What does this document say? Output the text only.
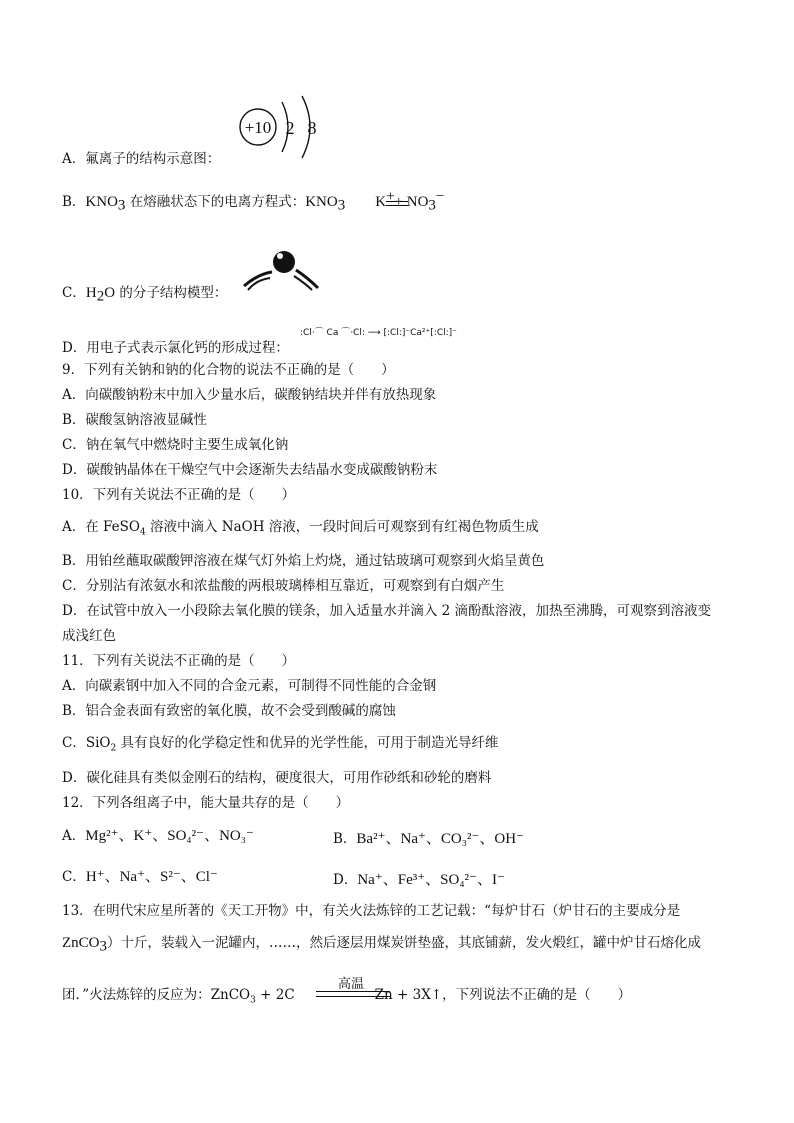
+10 2 8
A．氟离子的结构示意图：
B．$KNO_3$ 在熔融状态下的电离方程式：$KNO_3$ $K^++ NO_3^-$
C．$H_2O$ 的分子结构模型：
:Cl·⌒ Ca ⌒·Cl: ⟶ [:Cl:]⁻Ca²⁺[:Cl:]⁻
D．用电子式表示氯化钙的形成过程：
9．下列有关钠和钠的化合物的说法不正确的是（　　）
A．向碳酸钠粉末中加入少量水后，碳酸钠结块并伴有放热现象
B．碳酸氢钠溶液显碱性
C．钠在氧气中燃烧时主要生成氧化钠
D．碳酸钠晶体在干燥空气中会逐渐失去结晶水变成碳酸钠粉末
10．下列有关说法不正确的是（　　）
A．在 FeSO$_4$ 溶液中滴入 NaOH 溶液，一段时间后可观察到有红褐色物质生成
B．用铂丝蘸取碳酸钾溶液在煤气灯外焰上灼烧，通过钴玻璃可观察到火焰呈黄色
C．分别沾有浓氨水和浓盐酸的两根玻璃棒相互靠近，可观察到有白烟产生
D．在试管中放入一小段除去氧化膜的镁条，加入适量水并滴入 2 滴酚酞溶液，加热至沸腾，可观察到溶液变
成浅红色
11．下列有关说法不正确的是（　　）
A．向碳素钢中加入不同的合金元素，可制得不同性能的合金钢
B．铝合金表面有致密的氧化膜，故不会受到酸碱的腐蚀
C．SiO$_2$ 具有良好的化学稳定性和优异的光学性能，可用于制造光导纤维
D．碳化硅具有类似金刚石的结构，硬度很大，可用作砂纸和砂轮的磨料
12．下列各组离子中，能大量共存的是（　　）
A．Mg²⁺、K⁺、SO₄²⁻、NO₃⁻	B．Ba²⁺、Na⁺、CO₃²⁻、OH⁻
C．H⁺、Na⁺、S²⁻、Cl⁻	D．Na⁺、Fe³⁺、SO₄²⁻、I⁻
13．在明代宋应星所著的《天工开物》中，有关火法炼锌的工艺记载：“每炉甘石（炉甘石的主要成分是
ZnCO$_3$）十斤，装载入一泥罐内，……，然后逐层用煤炭饼垫盛，其底铺薪，发火煅红，罐中炉甘石熔化成
高温
团．”火法炼锌的反应为：ZnCO$_3$ + 2C	Zn + 3X↑，下列说法不正确的是（　　）
